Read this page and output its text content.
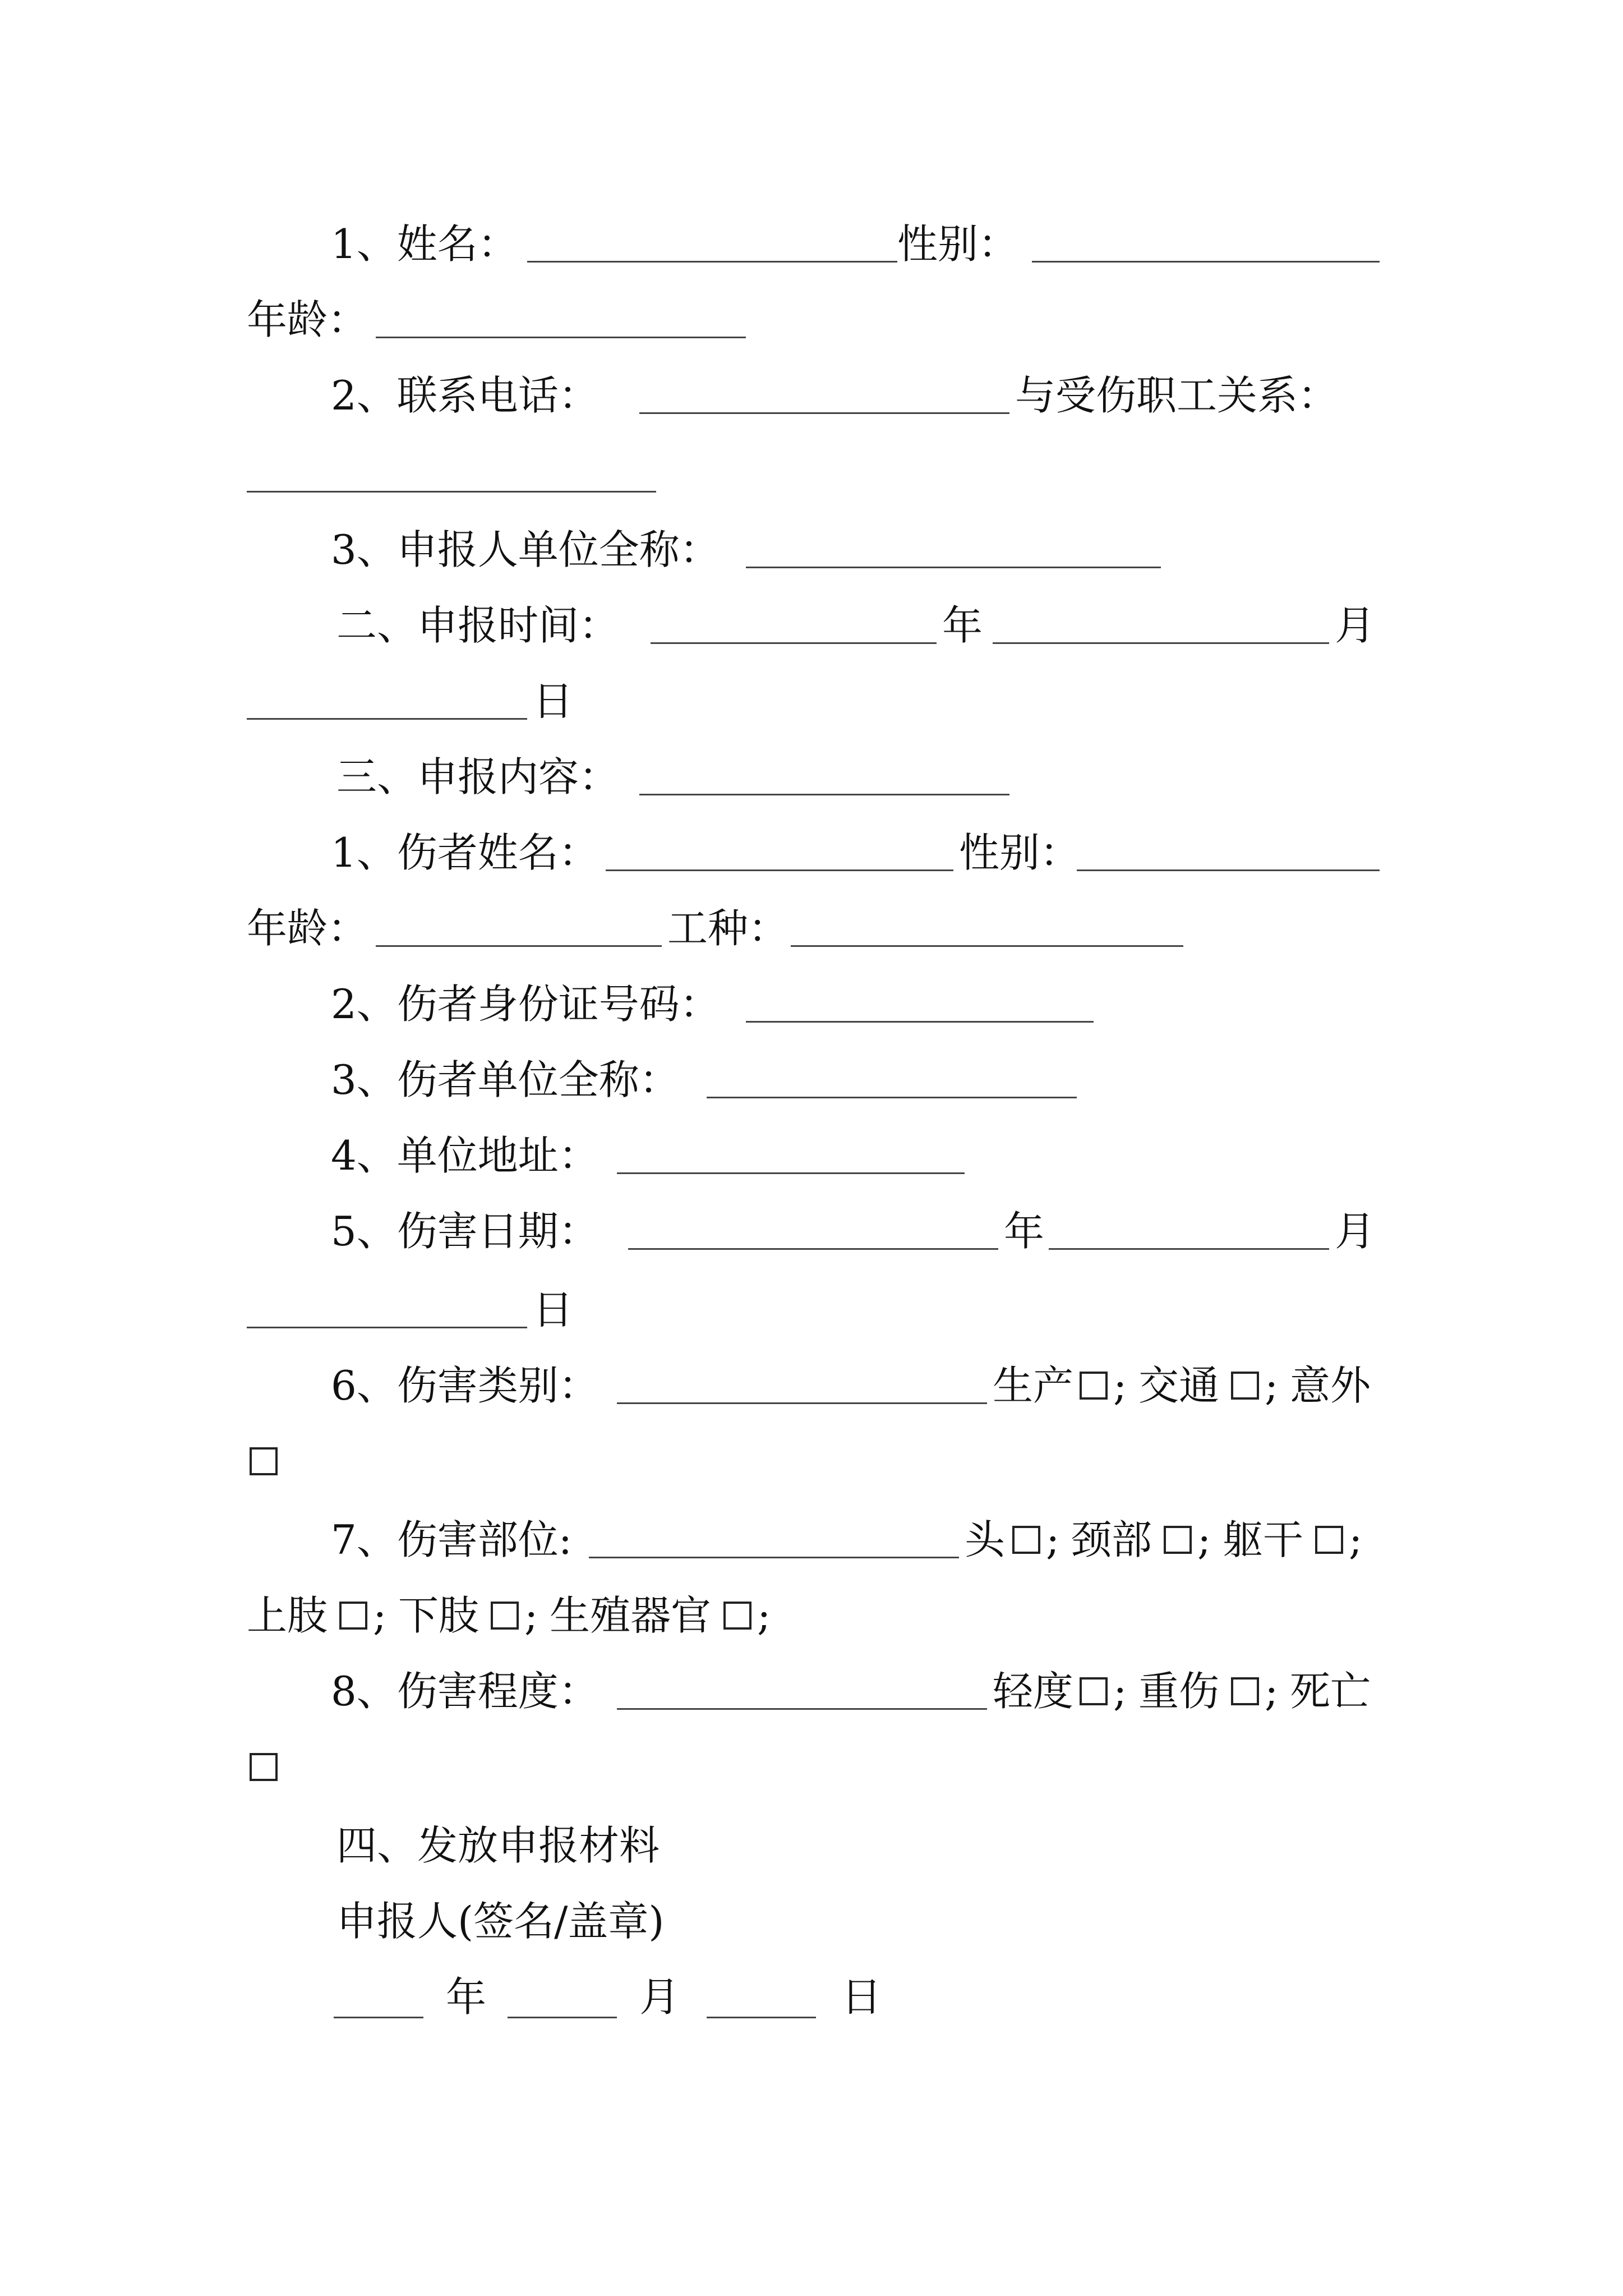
1、姓名：	性别：
年龄：
2、联系电话：	与受伤职工关系：
3、申报人单位全称：
二、申报时间：	年	月
日
三、申报内容：
1、伤者姓名：	性别：
年龄：	工种：
2、伤者身份证号码：
3、伤者单位全称：
4、单位地址：
5、伤害日期：	年	月
日
6、伤害类别：	生产 ; 交通 ; 意外
7、伤害部位:	头 ; 颈部 ; 躯干 ;
上肢 ; 下肢 ; 生殖器官 ;
8、伤害程度：	轻度 ; 重伤 ; 死亡
四、发放申报材料
申报人(签名/盖章)
年	月	日
